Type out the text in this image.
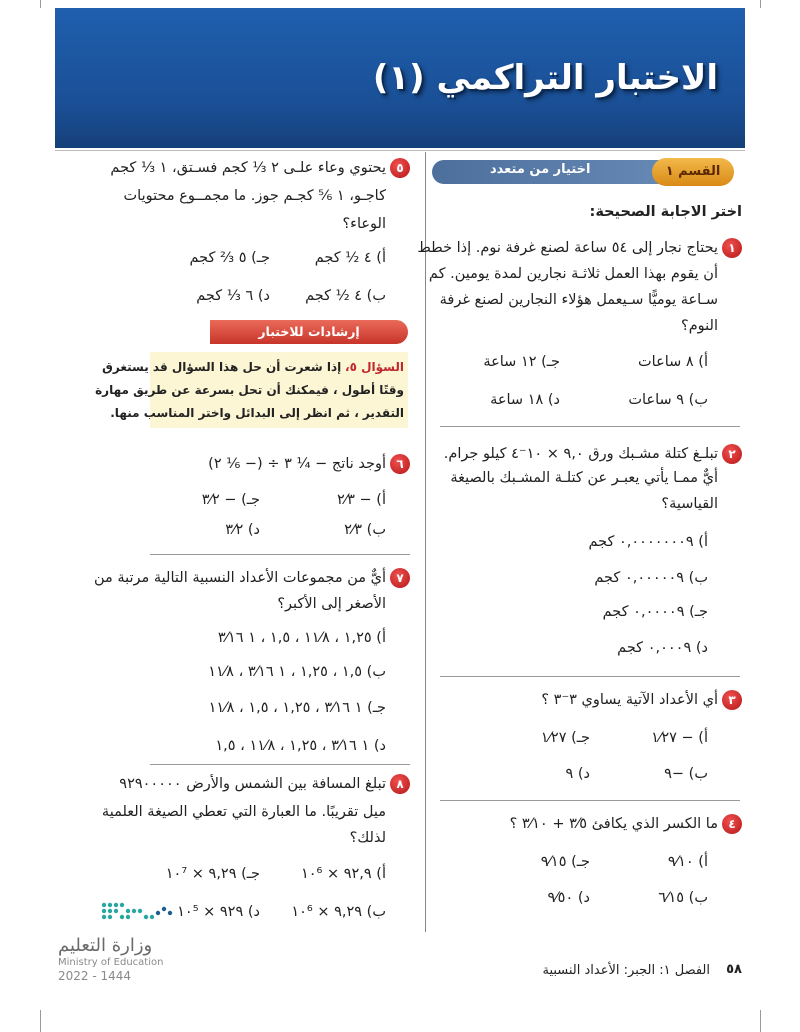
الاختبار التراكمي (١)
القسم ١
اختيار من متعدد
اختر الاجابة الصحيحة:
١
يحتاج نجار إلى ٥٤ ساعة لصنع غرفة نوم. إذا خطط
أن يقوم بهذا العمل ثلاثـة نجارين لمدة يومين. كم
سـاعة يوميًّا سـيعمل هؤلاء النجارين لصنع غرفة
النوم؟
أ) ٨ ساعات
جـ) ١٢ ساعة
ب) ٩ ساعات
د) ١٨ ساعة
٢
تبلـغ كتلة مشـبك ورق ٩,٠ × ١٠⁻٤ كيلو جرام.
أيٌّ ممـا يأتي يعبـر عن كتلـة المشـبك بالصيغة
القياسية؟
أ) ٠,٠٠٠٠٠٠٠٩ كجم
ب) ٠,٠٠٠٠٠٩ كجم
جـ) ٠,٠٠٠٠٩ كجم
د) ٠,٠٠٠٩ كجم
٣
أي الأعداد الآتية يساوي ٣⁻٣ ؟
أ) − ١⁄٢٧
جـ) ١⁄٢٧
ب) −٩
د) ٩
٤
ما الكسر الذي يكافئ ٣⁄٥ + ٣⁄١٠ ؟
أ) ٩⁄١٠
جـ) ٩⁄١٥
ب) ٦⁄١٥
د) ٩⁄٥٠
٥
يحتوي وعاء علـى ٢ ⅓ كجم فسـتق، ١ ⅓ كجم
كاجـو، ١ ⅚ كجـم جوز. ما مجمــوع محتويات
الوعاء؟
أ) ٤ ½ كجم
جـ) ٥ ⅔ كجم
ب) ٤ ½ كجم
د) ٦ ⅓ كجم
إرشادات للاختبار
السؤال ٥، إذا شعرت أن حل هذا السؤال قد يستغرق
وقتًا أطول ، فيمكنك أن تحل بسرعة عن طريق مهارة
التقدير ، ثم انظر إلى البدائل واختر المناسب منها.
٦
أوجد ناتج − ¼ ٣ ÷ (− ⅙ ٢)
أ) − ٢⁄٣
جـ) − ٣⁄٢
ب) ٢⁄٣
د) ٣⁄٢
٧
أيٌّ من مجموعات الأعداد النسبية التالية مرتبة من
الأصغر إلى الأكبر؟
أ) ١,٢٥ ، ١١⁄٨ ، ١,٥ ، ١ ٣⁄١٦
ب) ١,٥ ، ١,٢٥ ، ١ ٣⁄١٦ ، ١١⁄٨
جـ) ١ ٣⁄١٦ ، ١,٢٥ ، ١,٥ ، ١١⁄٨
د) ١ ٣⁄١٦ ، ١,٢٥ ، ١١⁄٨ ، ١,٥
٨
تبلغ المسافة بين الشمس والأرض ٩٢٩٠٠٠٠٠
ميل تقريبًا. ما العبارة التي تعطي الصيغة العلمية
لذلك؟
أ) ٩٢,٩ × ١٠⁶
جـ) ٩,٢٩ × ١٠⁷
ب) ٩,٢٩ × ١٠⁶
د) ٩٢٩ × ١٠⁵
وزارة التعليم
Ministry of Education
2022 - 1444	٥٨
الفصل ١: الجبر: الأعداد النسبية
